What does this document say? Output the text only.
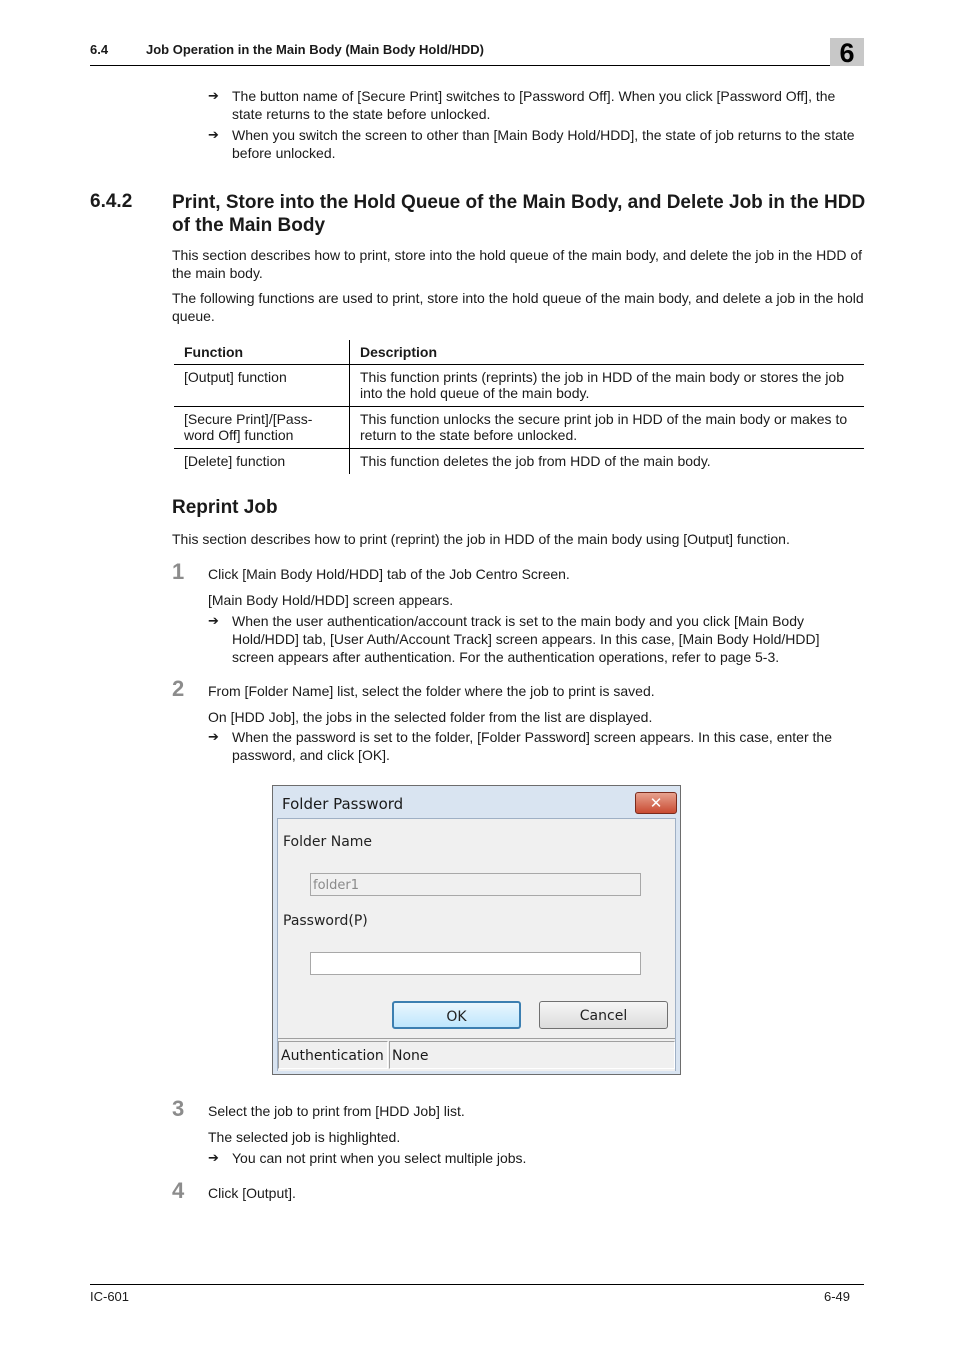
6.4	Job Operation in the Main Body (Main Body Hold/HDD)	6
➔ The button name of [Secure Print] switches to [Password Off]. When you click [Password Off], the state returns to the state before unlocked.
➔ When you switch the screen to other than [Main Body Hold/HDD], the state of job returns to the state before unlocked.
6.4.2 Print, Store into the Hold Queue of the Main Body, and Delete Job in the HDD of the Main Body
This section describes how to print, store into the hold queue of the main body, and delete the job in the HDD of the main body.
The following functions are used to print, store into the hold queue of the main body, and delete a job in the hold queue.
Function	Description
[Output] function	This function prints (reprints) the job in HDD of the main body or stores the job into the hold queue of the main body.
[Secure Print]/[Pass-word Off] function	This function unlocks the secure print job in HDD of the main body or makes to return to the state before unlocked.
[Delete] function	This function deletes the job from HDD of the main body.
Reprint Job
This section describes how to print (reprint) the job in HDD of the main body using [Output] function.
1 Click [Main Body Hold/HDD] tab of the Job Centro Screen.
[Main Body Hold/HDD] screen appears.
➔ When the user authentication/account track is set to the main body and you click [Main Body Hold/HDD] tab, [User Auth/Account Track] screen appears. In this case, [Main Body Hold/HDD] screen appears after authentication. For the authentication operations, refer to page 5-3.
2 From [Folder Name] list, select the folder where the job to print is saved.
On [HDD Job], the jobs in the selected folder from the list are displayed.
➔ When the password is set to the folder, [Folder Password] screen appears. In this case, enter the password, and click [OK].
Folder Password	✕
Folder Name
folder1
Password(P)
OK	Cancel
Authentication None
3 Select the job to print from [HDD Job] list.
The selected job is highlighted.
➔ You can not print when you select multiple jobs.
4 Click [Output].
IC-601	6-49
